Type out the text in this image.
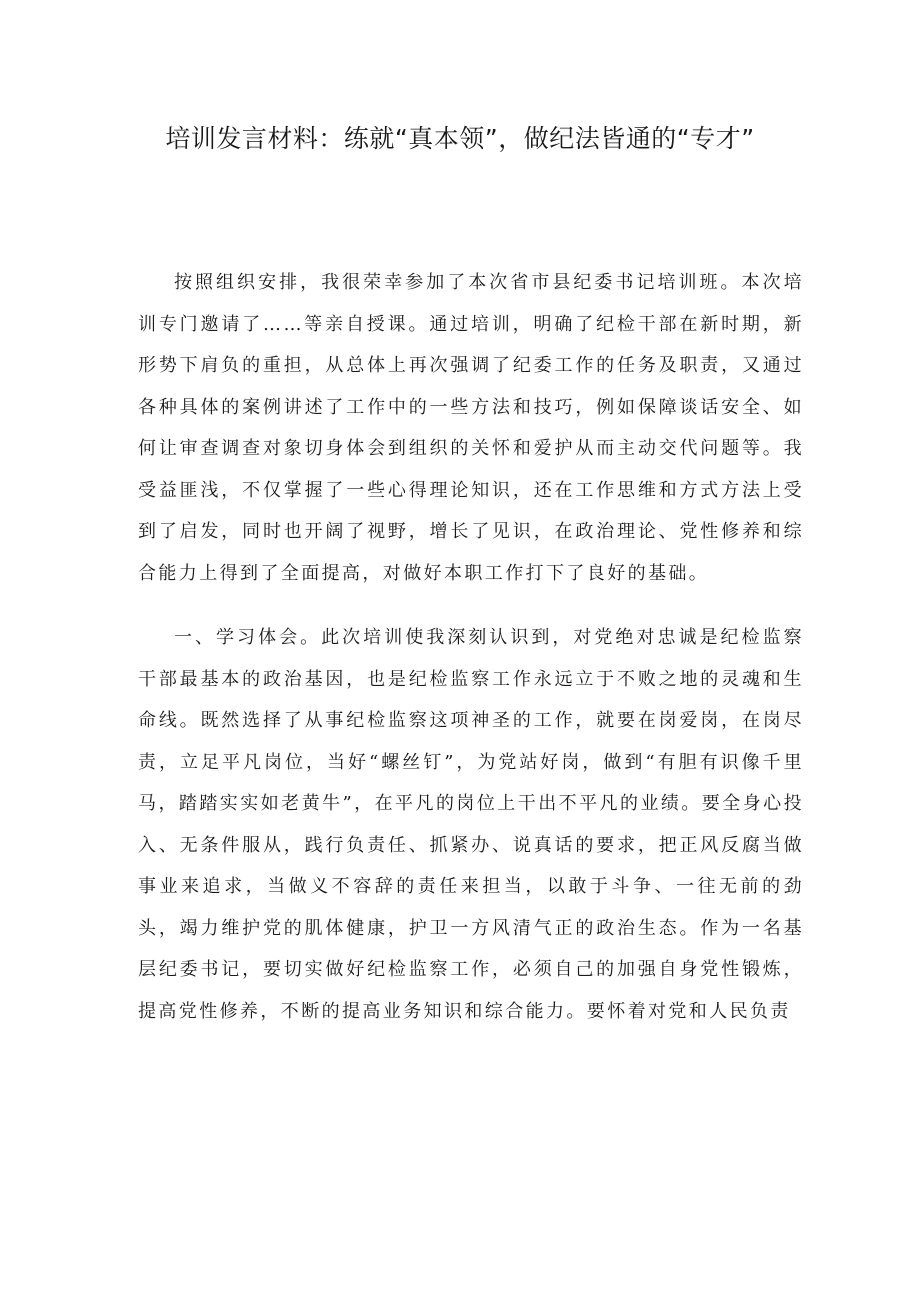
培训发言材料：练就“真本领”，做纪法皆通的“专才”

按照组织安排，我很荣幸参加了本次省市县纪委书记培训班。本次培训专门邀请了……等亲自授课。通过培训，明确了纪检干部在新时期，新形势下肩负的重担，从总体上再次强调了纪委工作的任务及职责，又通过各种具体的案例讲述了工作中的一些方法和技巧，例如保障谈话安全、如何让审查调查对象切身体会到组织的关怀和爱护从而主动交代问题等。我受益匪浅，不仅掌握了一些心得理论知识，还在工作思维和方式方法上受到了启发，同时也开阔了视野，增长了见识，在政治理论、党性修养和综合能力上得到了全面提高，对做好本职工作打下了良好的基础。

一、学习体会。此次培训使我深刻认识到，对党绝对忠诚是纪检监察干部最基本的政治基因，也是纪检监察工作永远立于不败之地的灵魂和生命线。既然选择了从事纪检监察这项神圣的工作，就要在岗爱岗，在岗尽责，立足平凡岗位，当好“螺丝钉”，为党站好岗，做到“有胆有识像千里马，踏踏实实如老黄牛”，在平凡的岗位上干出不平凡的业绩。要全身心投入、无条件服从，践行负责任、抓紧办、说真话的要求，把正风反腐当做事业来追求，当做义不容辞的责任来担当，以敢于斗争、一往无前的劲头，竭力维护党的肌体健康，护卫一方风清气正的政治生态。作为一名基层纪委书记，要切实做好纪检监察工作，必须自己的加强自身党性锻炼，提高党性修养，不断的提高业务知识和综合能力。要怀着对党和人民负责
